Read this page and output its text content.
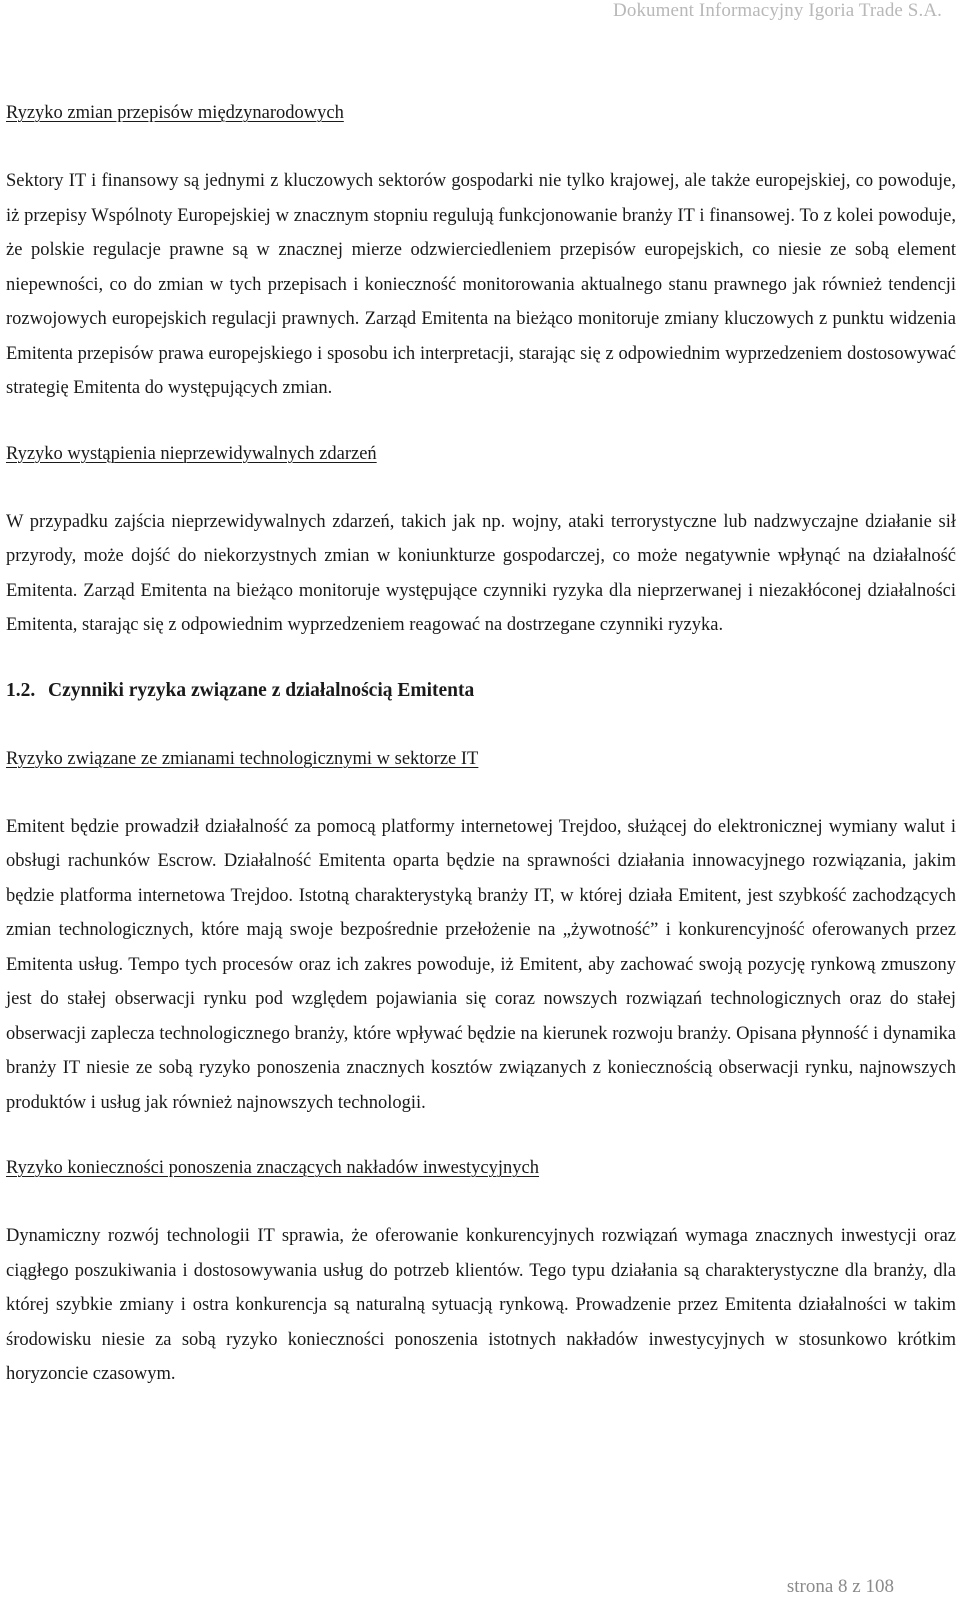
Dokument Informacyjny Igoria Trade S.A.
Ryzyko zmian przepisów międzynarodowych

Sektory IT i finansowy są jednymi z kluczowych sektorów gospodarki nie tylko krajowej, ale także europejskiej, co powoduje, iż przepisy Wspólnoty Europejskiej w znacznym stopniu regulują funkcjonowanie branży IT i finansowej. To z kolei powoduje, że polskie regulacje prawne są w znacznej mierze odzwierciedleniem przepisów europejskich, co niesie ze sobą element niepewności, co do zmian w tych przepisach i konieczność monitorowania aktualnego stanu prawnego jak również tendencji rozwojowych europejskich regulacji prawnych. Zarząd Emitenta na bieżąco monitoruje zmiany kluczowych z punktu widzenia Emitenta przepisów prawa europejskiego i sposobu ich interpretacji, starając się z odpowiednim wyprzedzeniem dostosowywać strategię Emitenta do występujących zmian.

Ryzyko wystąpienia nieprzewidywalnych zdarzeń

W przypadku zajścia nieprzewidywalnych zdarzeń, takich jak np. wojny, ataki terrorystyczne lub nadzwyczajne działanie sił przyrody, może dojść do niekorzystnych zmian w koniunkturze gospodarczej, co może negatywnie wpłynąć na działalność Emitenta. Zarząd Emitenta na bieżąco monitoruje występujące czynniki ryzyka dla nieprzerwanej i niezakłóconej działalności Emitenta, starając się z odpowiednim wyprzedzeniem reagować na dostrzegane czynniki ryzyka.

1.2. Czynniki ryzyka związane z działalnością Emitenta
Ryzyko związane ze zmianami technologicznymi w sektorze IT

Emitent będzie prowadził działalność za pomocą platformy internetowej Trejdoo, służącej do elektronicznej wymiany walut i obsługi rachunków Escrow. Działalność Emitenta oparta będzie na sprawności działania innowacyjnego rozwiązania, jakim będzie platforma internetowa Trejdoo. Istotną charakterystyką branży IT, w której działa Emitent, jest szybkość zachodzących zmian technologicznych, które mają swoje bezpośrednie przełożenie na „żywotność” i konkurencyjność oferowanych przez Emitenta usług. Tempo tych procesów oraz ich zakres powoduje, iż Emitent, aby zachować swoją pozycję rynkową zmuszony jest do stałej obserwacji rynku pod względem pojawiania się coraz nowszych rozwiązań technologicznych oraz do stałej obserwacji zaplecza technologicznego branży, które wpływać będzie na kierunek rozwoju branży. Opisana płynność i dynamika branży IT niesie ze sobą ryzyko ponoszenia znacznych kosztów związanych z koniecznością obserwacji rynku, najnowszych produktów i usług jak również najnowszych technologii.

Ryzyko konieczności ponoszenia znaczących nakładów inwestycyjnych

Dynamiczny rozwój technologii IT sprawia, że oferowanie konkurencyjnych rozwiązań wymaga znacznych inwestycji oraz ciągłego poszukiwania i dostosowywania usług do potrzeb klientów. Tego typu działania są charakterystyczne dla branży, dla której szybkie zmiany i ostra konkurencja są naturalną sytuacją rynkową. Prowadzenie przez Emitenta działalności w takim środowisku niesie za sobą ryzyko konieczności ponoszenia istotnych nakładów inwestycyjnych w stosunkowo krótkim horyzoncie czasowym.

strona 8 z 108
